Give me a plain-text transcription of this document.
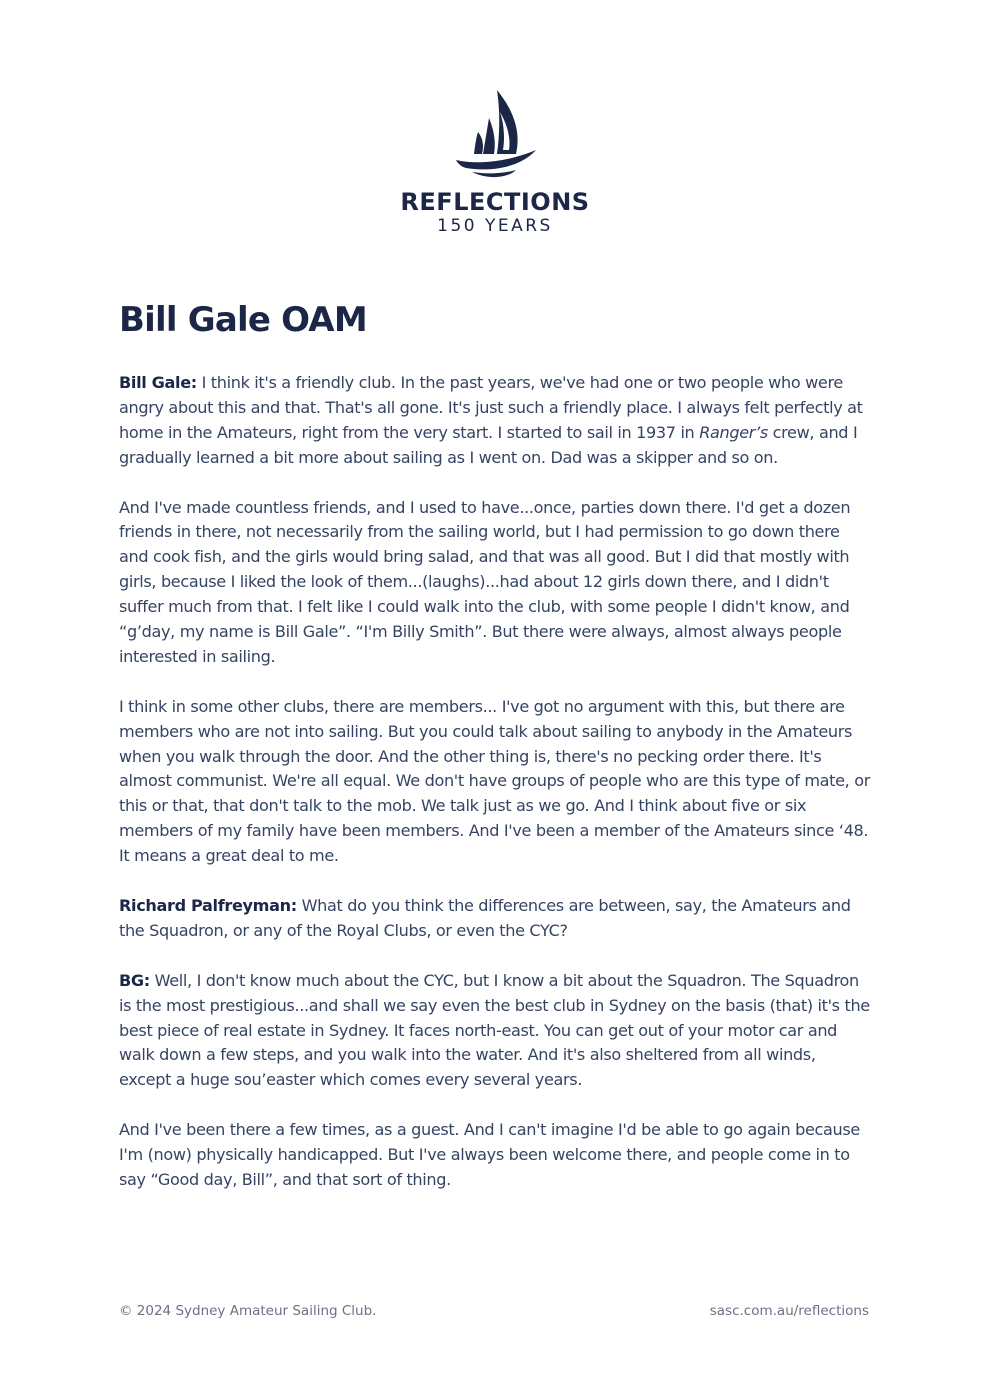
REFLECTIONS
150 YEARS
Bill Gale OAM

Bill Gale: I think it's a friendly club. In the past years, we've had one or two people who were angry about this and that. That's all gone. It's just such a friendly place. I always felt perfectly at home in the Amateurs, right from the very start. I started to sail in 1937 in Ranger’s crew, and I gradually learned a bit more about sailing as I went on. Dad was a skipper and so on.

And I've made countless friends, and I used to have...once, parties down there. I'd get a dozen friends in there, not necessarily from the sailing world, but I had permission to go down there and cook fish, and the girls would bring salad, and that was all good. But I did that mostly with girls, because I liked the look of them...(laughs)...had about 12 girls down there, and I didn't suffer much from that. I felt like I could walk into the club, with some people I didn't know, and “g’day, my name is Bill Gale”. “I'm Billy Smith”. But there were always, almost always people interested in sailing.

I think in some other clubs, there are members... I've got no argument with this, but there are members who are not into sailing. But you could talk about sailing to anybody in the Amateurs when you walk through the door. And the other thing is, there's no pecking order there. It's almost communist. We're all equal. We don't have groups of people who are this type of mate, or this or that, that don't talk to the mob. We talk just as we go. And I think about five or six members of my family have been members. And I've been a member of the Amateurs since ‘48. It means a great deal to me.

Richard Palfreyman: What do you think the differences are between, say, the Amateurs and the Squadron, or any of the Royal Clubs, or even the CYC?

BG: Well, I don't know much about the CYC, but I know a bit about the Squadron. The Squadron is the most prestigious...and shall we say even the best club in Sydney on the basis (that) it's the best piece of real estate in Sydney. It faces north-east. You can get out of your motor car and walk down a few steps, and you walk into the water. And it's also sheltered from all winds, except a huge sou’easter which comes every several years.

And I've been there a few times, as a guest. And I can't imagine I'd be able to go again because I'm (now) physically handicapped. But I've always been welcome there, and people come in to say “Good day, Bill”, and that sort of thing.

© 2024 Sydney Amateur Sailing Club.	sasc.com.au/reflections
